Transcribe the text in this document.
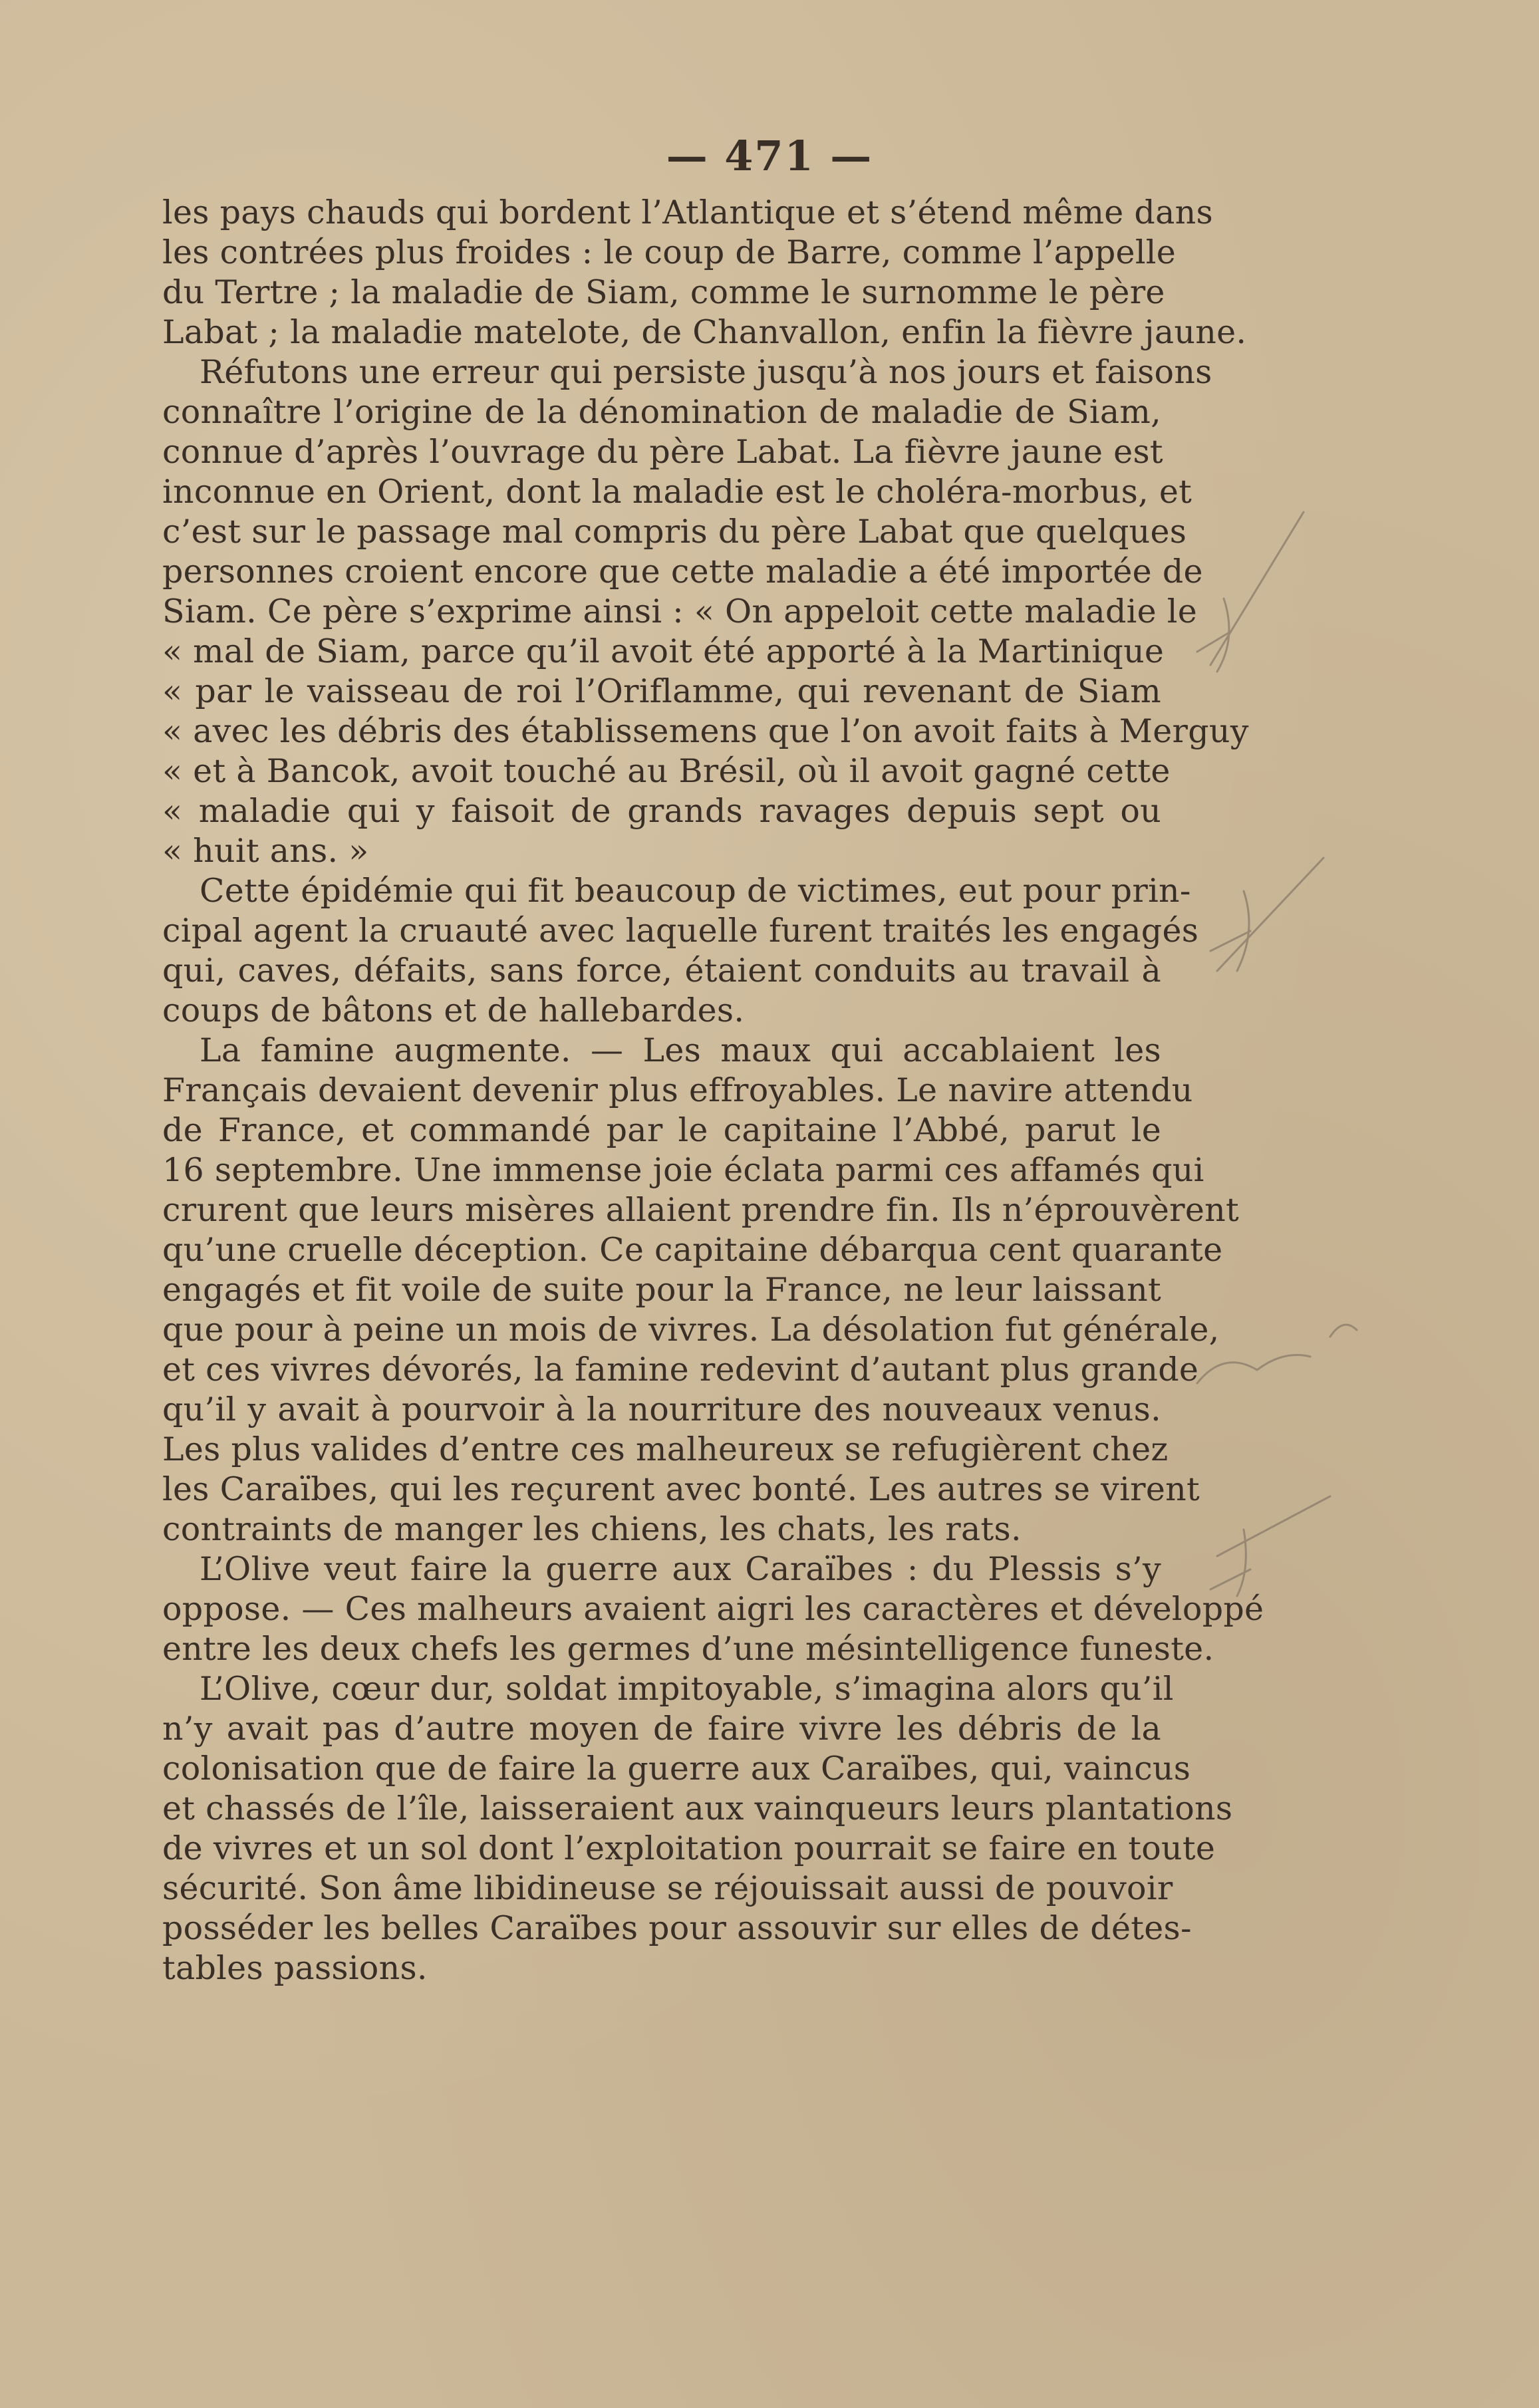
— 471 —
les pays chauds qui bordent l’Atlantique et s’étend même dans
les contrées plus froides : le coup de Barre, comme l’appelle
du Tertre ; la maladie de Siam, comme le surnomme le père
Labat ; la maladie matelote, de Chanvallon, enfin la fièvre jaune.
Réfutons une erreur qui persiste jusqu’à nos jours et faisons
connaître l’origine de la dénomination de maladie de Siam,
connue d’après l’ouvrage du père Labat. La fièvre jaune est
inconnue en Orient, dont la maladie est le choléra-morbus, et
c’est sur le passage mal compris du père Labat que quelques
personnes croient encore que cette maladie a été importée de
Siam. Ce père s’exprime ainsi : « On appeloit cette maladie le
« mal de Siam, parce qu’il avoit été apporté à la Martinique
« par le vaisseau de roi l’Oriflamme, qui revenant de Siam
« avec les débris des établissemens que l’on avoit faits à Merguy
« et à Bancok, avoit touché au Brésil, où il avoit gagné cette
« maladie qui y faisoit de grands ravages depuis sept ou
« huit ans. »
Cette épidémie qui fit beaucoup de victimes, eut pour prin-
cipal agent la cruauté avec laquelle furent traités les engagés
qui, caves, défaits, sans force, étaient conduits au travail à
coups de bâtons et de hallebardes.
La famine augmente. — Les maux qui accablaient les
Français devaient devenir plus effroyables. Le navire attendu
de France, et commandé par le capitaine l’Abbé, parut le
16 septembre. Une immense joie éclata parmi ces affamés qui
crurent que leurs misères allaient prendre fin. Ils n’éprouvèrent
qu’une cruelle déception. Ce capitaine débarqua cent quarante
engagés et fit voile de suite pour la France, ne leur laissant
que pour à peine un mois de vivres. La désolation fut générale,
et ces vivres dévorés, la famine redevint d’autant plus grande
qu’il y avait à pourvoir à la nourriture des nouveaux venus.
Les plus valides d’entre ces malheureux se refugièrent chez
les Caraïbes, qui les reçurent avec bonté. Les autres se virent
contraints de manger les chiens, les chats, les rats.
L’Olive veut faire la guerre aux Caraïbes : du Plessis s’y
oppose. — Ces malheurs avaient aigri les caractères et développé
entre les deux chefs les germes d’une mésintelligence funeste.
L’Olive, cœur dur, soldat impitoyable, s’imagina alors qu’il
n’y avait pas d’autre moyen de faire vivre les débris de la
colonisation que de faire la guerre aux Caraïbes, qui, vaincus
et chassés de l’île, laisseraient aux vainqueurs leurs plantations
de vivres et un sol dont l’exploitation pourrait se faire en toute
sécurité. Son âme libidineuse se réjouissait aussi de pouvoir
posséder les belles Caraïbes pour assouvir sur elles de détes-
tables passions.
